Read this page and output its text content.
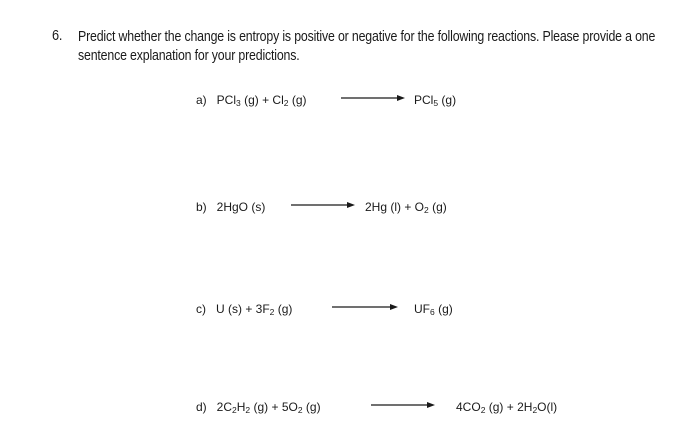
6. Predict whether the change is entropy is positive or negative for the following reactions. Please provide a one
sentence explanation for your predictions.
a) PCl$_3$ $(g) + Cl_2$ (g)	PCl$_5$ (g)
b) 2HgO (s)	2Hg $(l) + O_2$ (g)
c) U $(s) + 3F_2$ (g)	$UF_6$ (g)
d) $2C_2H_2$ $(g) + 5O_2$ (g)	$4CO_2$ $(g) + 2H_2O(l)$
